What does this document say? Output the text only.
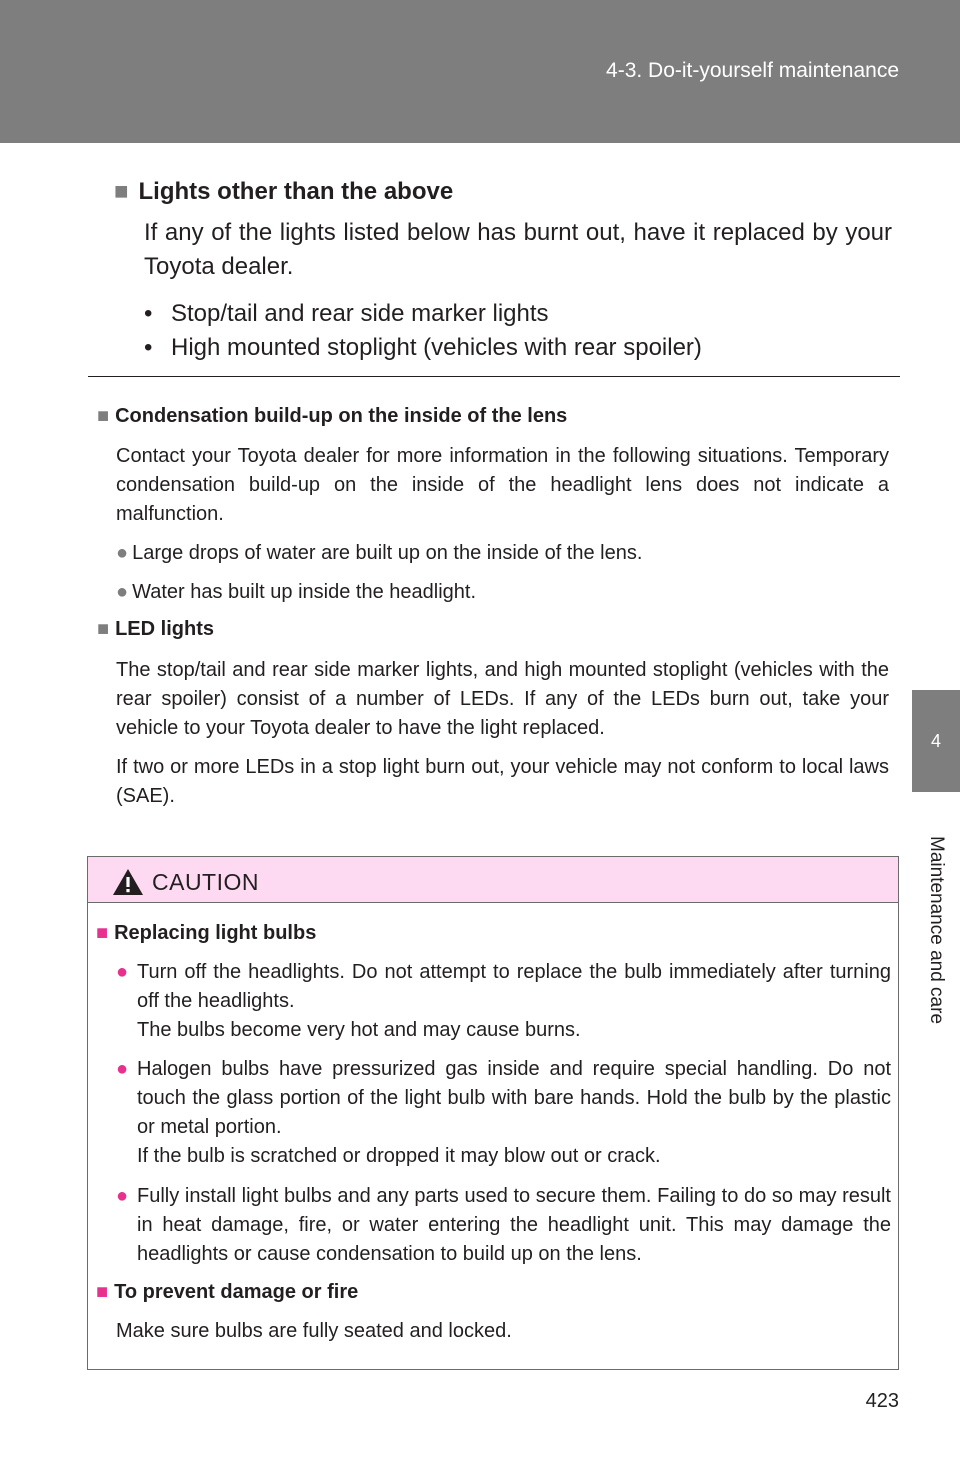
4-3. Do-it-yourself maintenance
4
Maintenance and care
■ Lights other than the above
If any of the lights listed below has burnt out, have it replaced by your Toyota dealer.
• Stop/tail and rear side marker lights
• High mounted stoplight (vehicles with rear spoiler)
■ Condensation build-up on the inside of the lens
Contact your Toyota dealer for more information in the following situations. Temporary condensation build-up on the inside of the headlight lens does not indicate a malfunction.
● Large drops of water are built up on the inside of the lens.
● Water has built up inside the headlight.
■ LED lights
The stop/tail and rear side marker lights, and high mounted stoplight (vehicles with the rear spoiler) consist of a number of LEDs. If any of the LEDs burn out, take your vehicle to your Toyota dealer to have the light replaced.
If two or more LEDs in a stop light burn out, your vehicle may not conform to local laws (SAE).
CAUTION
■ Replacing light bulbs
● Turn off the headlights. Do not attempt to replace the bulb immediately after turning off the headlights.
The bulbs become very hot and may cause burns.
● Halogen bulbs have pressurized gas inside and require special handling. Do not touch the glass portion of the light bulb with bare hands. Hold the bulb by the plastic or metal portion.
If the bulb is scratched or dropped it may blow out or crack.
● Fully install light bulbs and any parts used to secure them. Failing to do so may result in heat damage, fire, or water entering the headlight unit. This may damage the headlights or cause condensation to build up on the lens.
■ To prevent damage or fire
Make sure bulbs are fully seated and locked.
423
